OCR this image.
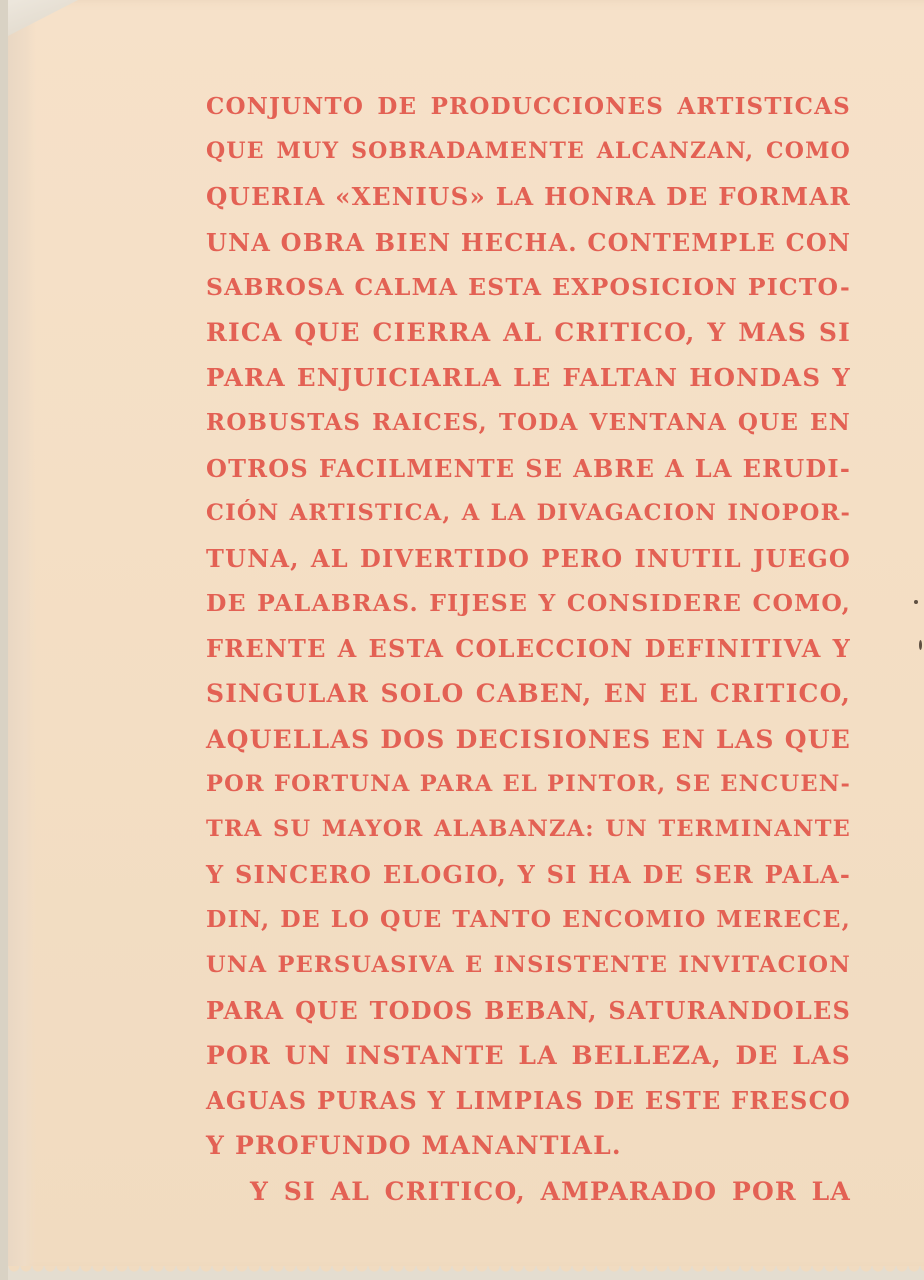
CONJUNTO DE PRODUCCIONES ARTISTICAS
QUE MUY SOBRADAMENTE ALCANZAN, COMO
QUERIA «XENIUS» LA HONRA DE FORMAR
UNA OBRA BIEN HECHA. CONTEMPLE CON
SABROSA CALMA ESTA EXPOSICION PICTO-
RICA QUE CIERRA AL CRITICO, Y MAS SI
PARA ENJUICIARLA LE FALTAN HONDAS Y
ROBUSTAS RAICES, TODA VENTANA QUE EN
OTROS FACILMENTE SE ABRE A LA ERUDI-
CIÓN ARTISTICA, A LA DIVAGACION INOPOR-
TUNA, AL DIVERTIDO PERO INUTIL JUEGO
DE PALABRAS. FIJESE Y CONSIDERE COMO,
FRENTE A ESTA COLECCION DEFINITIVA Y
SINGULAR SOLO CABEN, EN EL CRITICO,
AQUELLAS DOS DECISIONES EN LAS QUE
POR FORTUNA PARA EL PINTOR, SE ENCUEN-
TRA SU MAYOR ALABANZA: UN TERMINANTE
Y SINCERO ELOGIO, Y SI HA DE SER PALA-
DIN, DE LO QUE TANTO ENCOMIO MERECE,
UNA PERSUASIVA E INSISTENTE INVITACION
PARA QUE TODOS BEBAN, SATURANDOLES
POR UN INSTANTE LA BELLEZA, DE LAS
AGUAS PURAS Y LIMPIAS DE ESTE FRESCO
Y PROFUNDO MANANTIAL.
Y SI AL CRITICO, AMPARADO POR LA
